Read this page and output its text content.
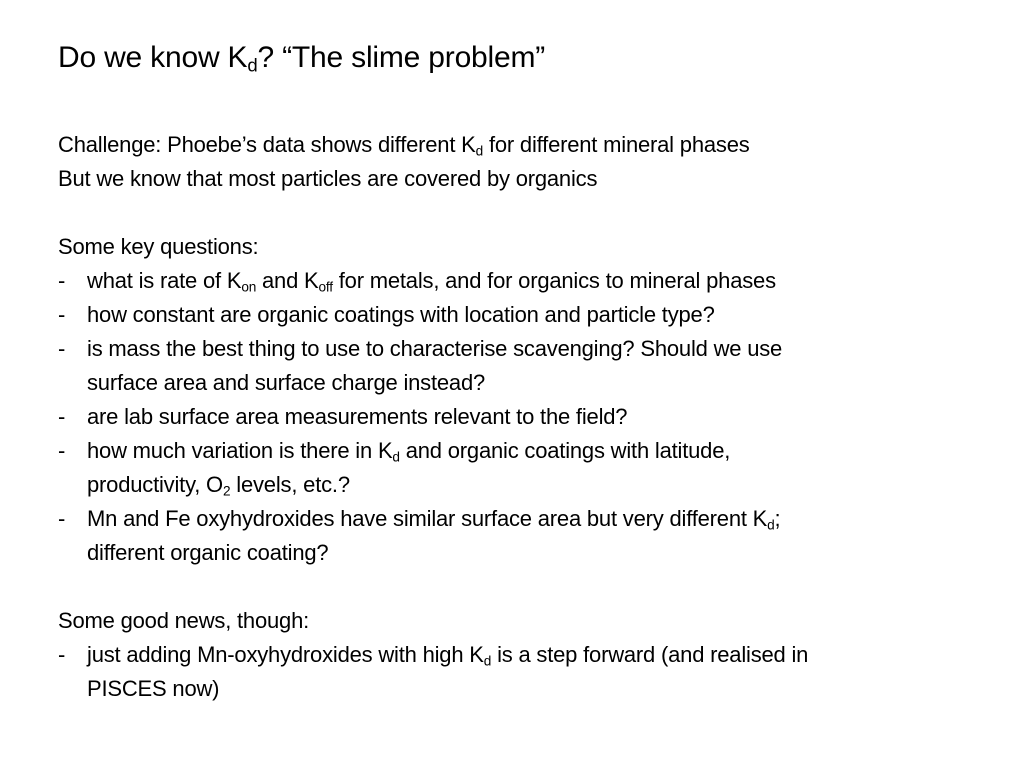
Do we know $K_d$? “The slime problem”
Challenge: Phoebe’s data shows different $K_d$ for different mineral phases
But we know that most particles are covered by organics
Some key questions:
- what is rate of $K_{on}$ and $K_{off}$ for metals, and for organics to mineral phases
- how constant are organic coatings with location and particle type?
- is mass the best thing to use to characterise scavenging? Should we use
surface area and surface charge instead?
- are lab surface area measurements relevant to the field?
- how much variation is there in $K_d$ and organic coatings with latitude,
productivity, $O_2$ levels, etc.?
- Mn and Fe oxyhydroxides have similar surface area but very different $K_d$;
different organic coating?
Some good news, though:
- just adding Mn-oxyhydroxides with high $K_d$ is a step forward (and realised in
PISCES now)
